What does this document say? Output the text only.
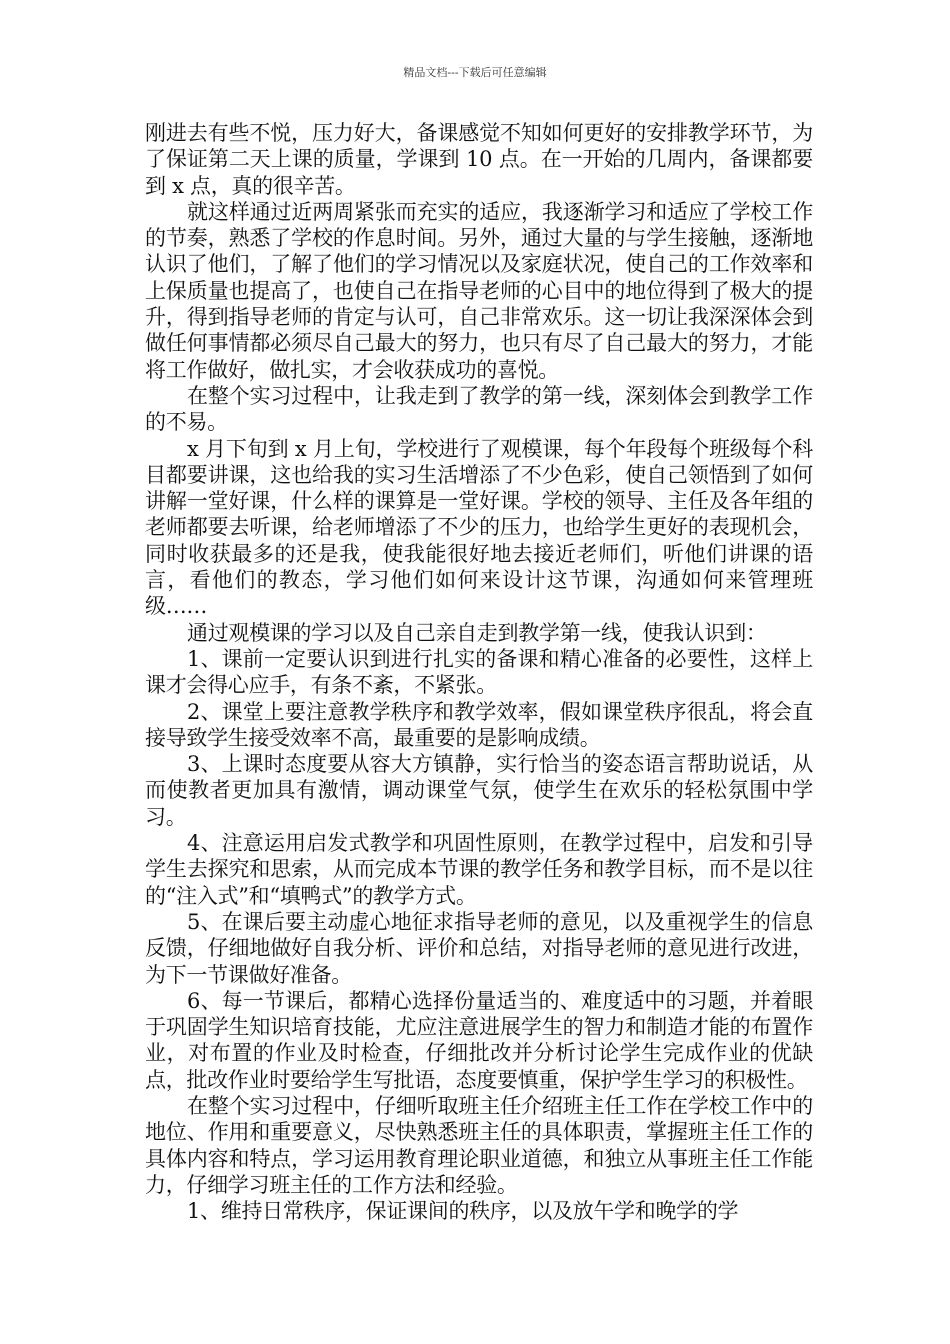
精品文档---下载后可任意编辑

刚进去有些不悦，压力好大，备课感觉不知如何更好的安排教学环节，为了保证第二天上课的质量，学课到 10 点。在一开始的几周内，备课都要到 x 点，真的很辛苦。

就这样通过近两周紧张而充实的适应，我逐渐学习和适应了学校工作的节奏，熟悉了学校的作息时间。另外，通过大量的与学生接触，逐渐地认识了他们，了解了他们的学习情况以及家庭状况，使自己的工作效率和上保质量也提高了，也使自己在指导老师的心目中的地位得到了极大的提升，得到指导老师的肯定与认可，自己非常欢乐。这一切让我深深体会到做任何事情都必须尽自己最大的努力，也只有尽了自己最大的努力，才能将工作做好，做扎实，才会收获成功的喜悦。

在整个实习过程中，让我走到了教学的第一线，深刻体会到教学工作的不易。

x 月下旬到 x 月上旬，学校进行了观模课，每个年段每个班级每个科目都要讲课，这也给我的实习生活增添了不少色彩，使自己领悟到了如何讲解一堂好课，什么样的课算是一堂好课。学校的领导、主任及各年组的老师都要去听课，给老师增添了不少的压力，也给学生更好的表现机会，同时收获最多的还是我，使我能很好地去接近老师们，听他们讲课的语言，看他们的教态，学习他们如何来设计这节课，沟通如何来管理班级……

通过观模课的学习以及自己亲自走到教学第一线，使我认识到：

1、课前一定要认识到进行扎实的备课和精心准备的必要性，这样上课才会得心应手，有条不紊，不紧张。

2、课堂上要注意教学秩序和教学效率，假如课堂秩序很乱，将会直接导致学生接受效率不高，最重要的是影响成绩。

3、上课时态度要从容大方镇静，实行恰当的姿态语言帮助说话，从而使教者更加具有激情，调动课堂气氛，使学生在欢乐的轻松氛围中学习。

4、注意运用启发式教学和巩固性原则，在教学过程中，启发和引导学生去探究和思索，从而完成本节课的教学任务和教学目标，而不是以往的“注入式”和“填鸭式”的教学方式。

5、在课后要主动虚心地征求指导老师的意见，以及重视学生的信息反馈，仔细地做好自我分析、评价和总结，对指导老师的意见进行改进，为下一节课做好准备。

6、每一节课后，都精心选择份量适当的、难度适中的习题，并着眼于巩固学生知识培育技能，尤应注意进展学生的智力和制造才能的布置作业，对布置的作业及时检查，仔细批改并分析讨论学生完成作业的优缺点，批改作业时要给学生写批语，态度要慎重，保护学生学习的积极性。

在整个实习过程中，仔细听取班主任介绍班主任工作在学校工作中的地位、作用和重要意义，尽快熟悉班主任的具体职责，掌握班主任工作的具体内容和特点，学习运用教育理论职业道德，和独立从事班主任工作能力，仔细学习班主任的工作方法和经验。

1、维持日常秩序，保证课间的秩序，以及放午学和晚学的学
